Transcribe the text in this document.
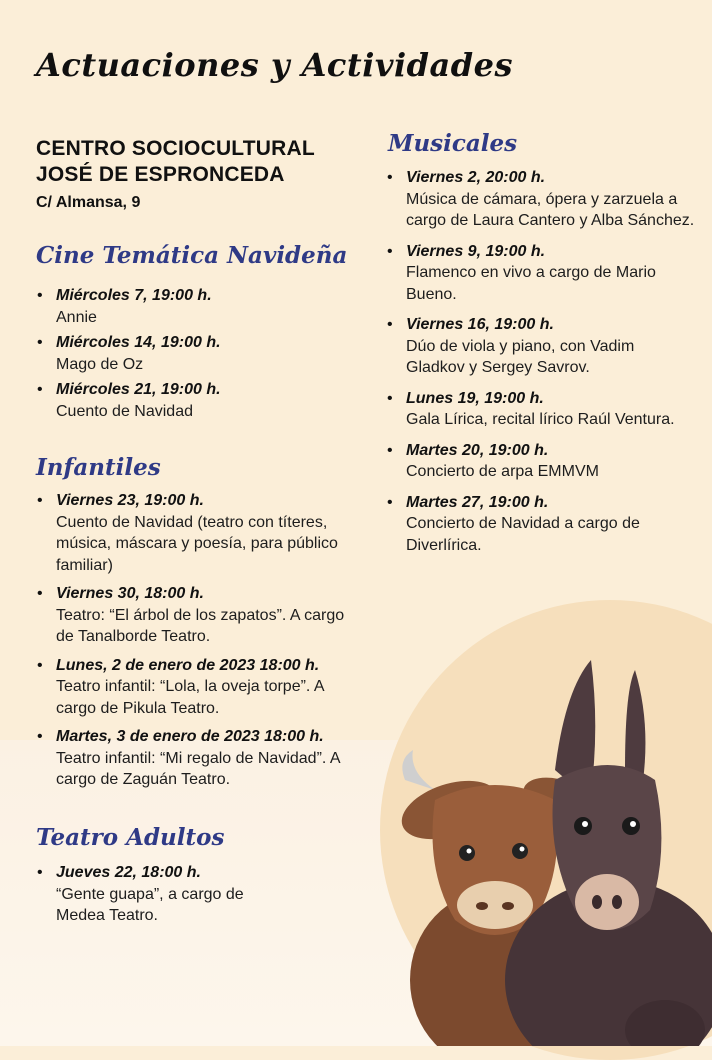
Actuaciones y Actividades

CENTRO SOCIOCULTURAL
JOSÉ DE ESPRONCEDA

C/ Almansa, 9
Cine Temática Navideña
• Miércoles 7, 19:00 h.
Annie
• Miércoles 14, 19:00 h.
Mago de Oz
• Miércoles 21, 19:00 h.
Cuento de Navidad
Infantiles
• Viernes 23, 19:00 h.
Cuento de Navidad (teatro con títeres, música, máscara y poesía, para público familiar)
• Viernes 30, 18:00 h.
Teatro: “El árbol de los zapatos”. A cargo de Tanalborde Teatro.
• Lunes, 2 de enero de 2023 18:00 h.
Teatro infantil: “Lola, la oveja torpe”. A cargo de Pikula Teatro.
• Martes, 3 de enero de 2023 18:00 h.
Teatro infantil: “Mi regalo de Navidad”. A cargo de Zaguán Teatro.
Teatro Adultos
• Jueves 22, 18:00 h.
“Gente guapa”, a cargo de Medea Teatro.
Musicales
• Viernes 2, 20:00 h.
Música de cámara, ópera y zarzuela a cargo de Laura Cantero y Alba Sánchez.
• Viernes 9, 19:00 h.
Flamenco en vivo a cargo de Mario Bueno.
• Viernes 16, 19:00 h.
Dúo de viola y piano, con Vadim Gladkov y Sergey Savrov.
• Lunes 19, 19:00 h.
Gala Lírica, recital lírico Raúl Ventura.
• Martes 20, 19:00 h.
Concierto de arpa EMMVM
• Martes 27, 19:00 h.
Concierto de Navidad a cargo de Diverlírica.
